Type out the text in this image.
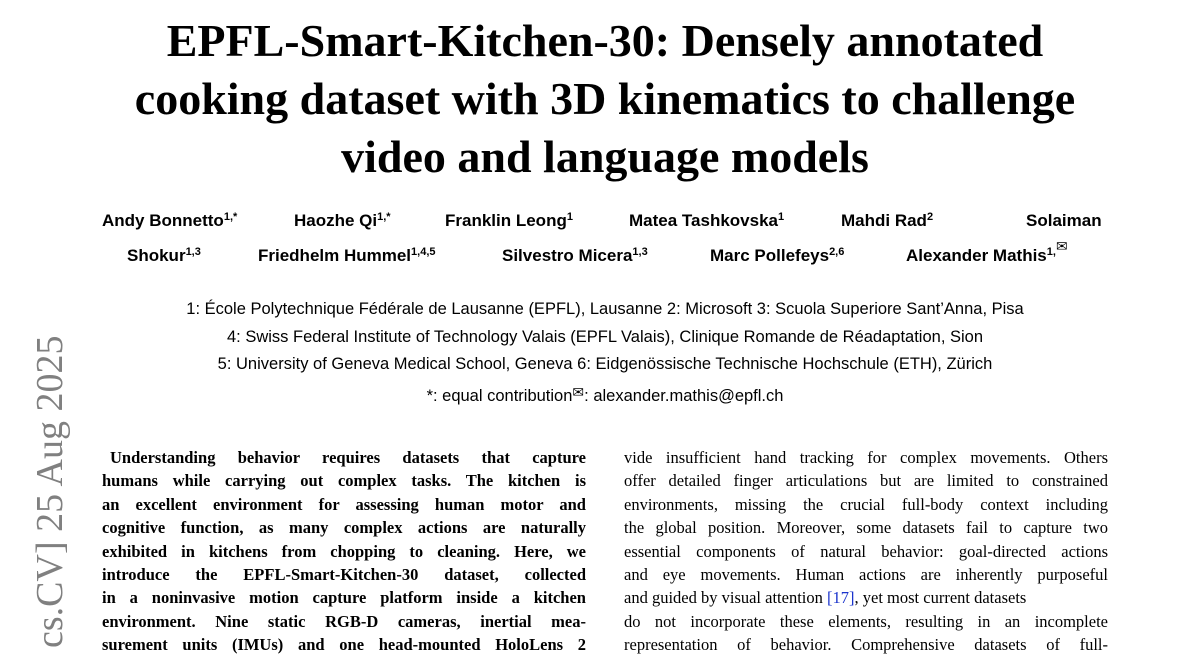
EPFL-Smart-Kitchen-30: Densely annotated
cooking dataset with 3D kinematics to challenge
video and language models
Andy Bonnetto$^{1,*}$	Haozhe $Qi^{1,*}$	Franklin Leong$^1$	Matea Tashkovska$^1$	Mahdi Rad$^2$	Solaiman
Shokur$^{1,3}$	Friedhelm Hummel$^{1,4,5}$	Silvestro Micera$^{1,3}$	Marc Pollefeys$^{2,6}$	Alexander Mathis$^{1,✉}$
1: École Polytechnique Fédérale de Lausanne (EPFL), Lausanne 2: Microsoft 3: Scuola Superiore Sant’Anna, Pisa
4: Swiss Federal Institute of Technology Valais (EPFL Valais), Clinique Romande de Réadaptation, Sion
5: University of Geneva Medical School, Geneva 6: Eidgenössische Technische Hochschule (ETH), Zürich
*: equal contribution✉: alexander.mathis@epfl.ch
cs.CV] 25 Aug 2025	Understanding behavior requires datasets that capture
humans while carrying out complex tasks. The kitchen is
an excellent environment for assessing human motor and
cognitive function, as many complex actions are naturally
exhibited in kitchens from chopping to cleaning. Here, we
introduce the EPFL-Smart-Kitchen-30 dataset, collected
in a noninvasive motion capture platform inside a kitchen
environment. Nine static RGB-D cameras, inertial mea-
surement units (IMUs) and one head-mounted HoloLens 2
vide insufficient hand tracking for complex movements. Others
offer detailed finger articulations but are limited to constrained
environments, missing the crucial full-body context including
the global position. Moreover, some datasets fail to capture two
essential components of natural behavior: goal-directed actions
and eye movements. Human actions are inherently purposeful
and guided by visual attention [17], yet most current datasets
do not incorporate these elements, resulting in an incomplete
representation of behavior. Comprehensive datasets of full-
